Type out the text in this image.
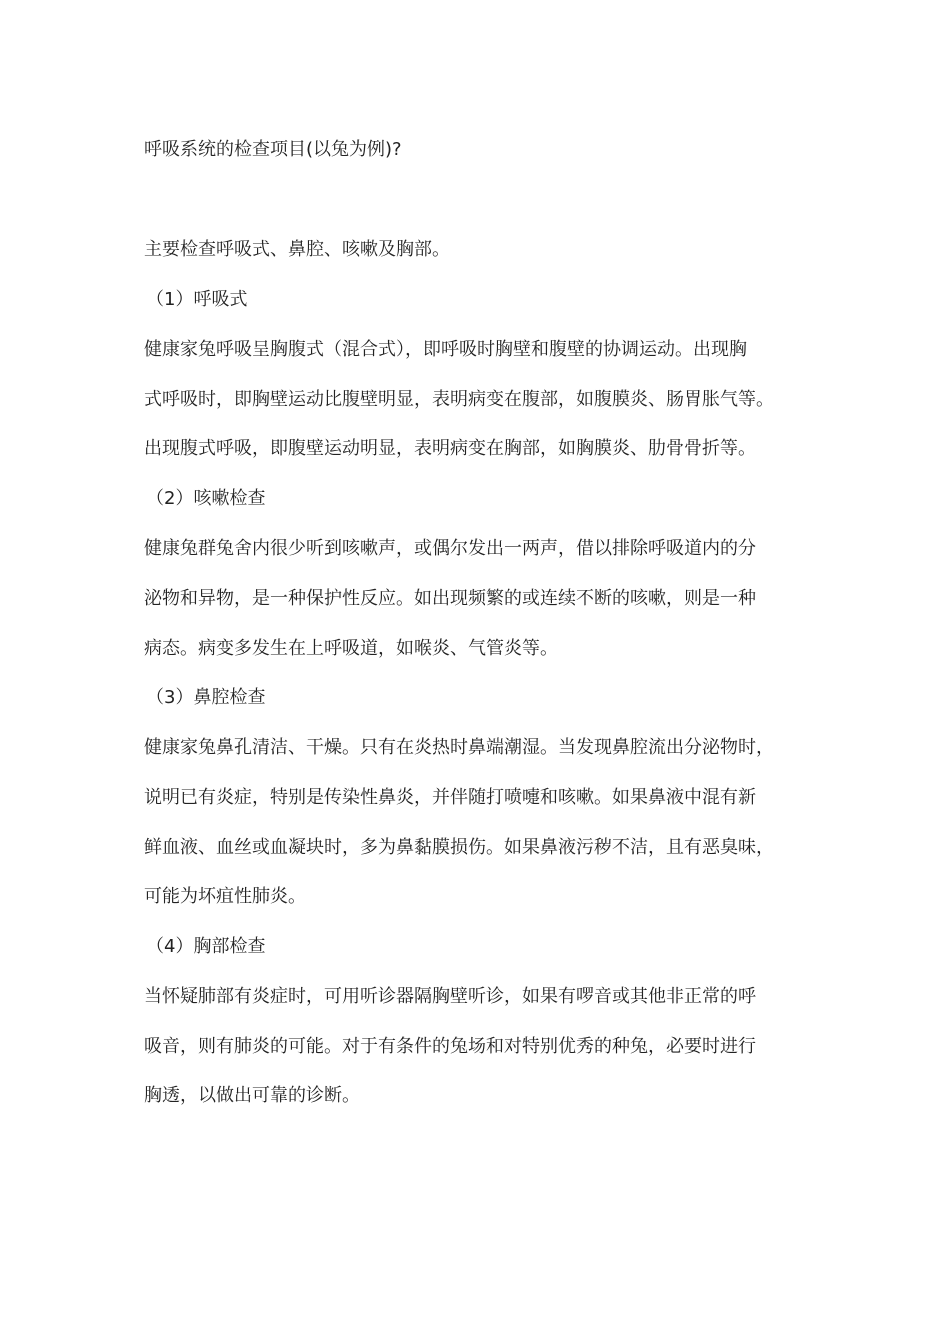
呼吸系统的检查项目(以兔为例)?
主要检查呼吸式、鼻腔、咳嗽及胸部。
（1）呼吸式
健康家兔呼吸呈胸腹式（混合式），即呼吸时胸壁和腹壁的协调运动。出现胸
式呼吸时，即胸壁运动比腹壁明显，表明病变在腹部，如腹膜炎、肠胃胀气等。
出现腹式呼吸，即腹壁运动明显，表明病变在胸部，如胸膜炎、肋骨骨折等。
（2）咳嗽检查
健康兔群兔舍内很少听到咳嗽声，或偶尔发出一两声，借以排除呼吸道内的分
泌物和异物，是一种保护性反应。如出现频繁的或连续不断的咳嗽，则是一种
病态。病变多发生在上呼吸道，如喉炎、气管炎等。
（3）鼻腔检查
健康家兔鼻孔清洁、干燥。只有在炎热时鼻端潮湿。当发现鼻腔流出分泌物时，
说明已有炎症，特别是传染性鼻炎，并伴随打喷嚏和咳嗽。如果鼻液中混有新
鲜血液、血丝或血凝块时，多为鼻黏膜损伤。如果鼻液污秽不洁，且有恶臭味，
可能为坏疽性肺炎。
（4）胸部检查
当怀疑肺部有炎症时，可用听诊器隔胸壁听诊，如果有啰音或其他非正常的呼
吸音，则有肺炎的可能。对于有条件的兔场和对特别优秀的种兔，必要时进行
胸透，以做出可靠的诊断。
